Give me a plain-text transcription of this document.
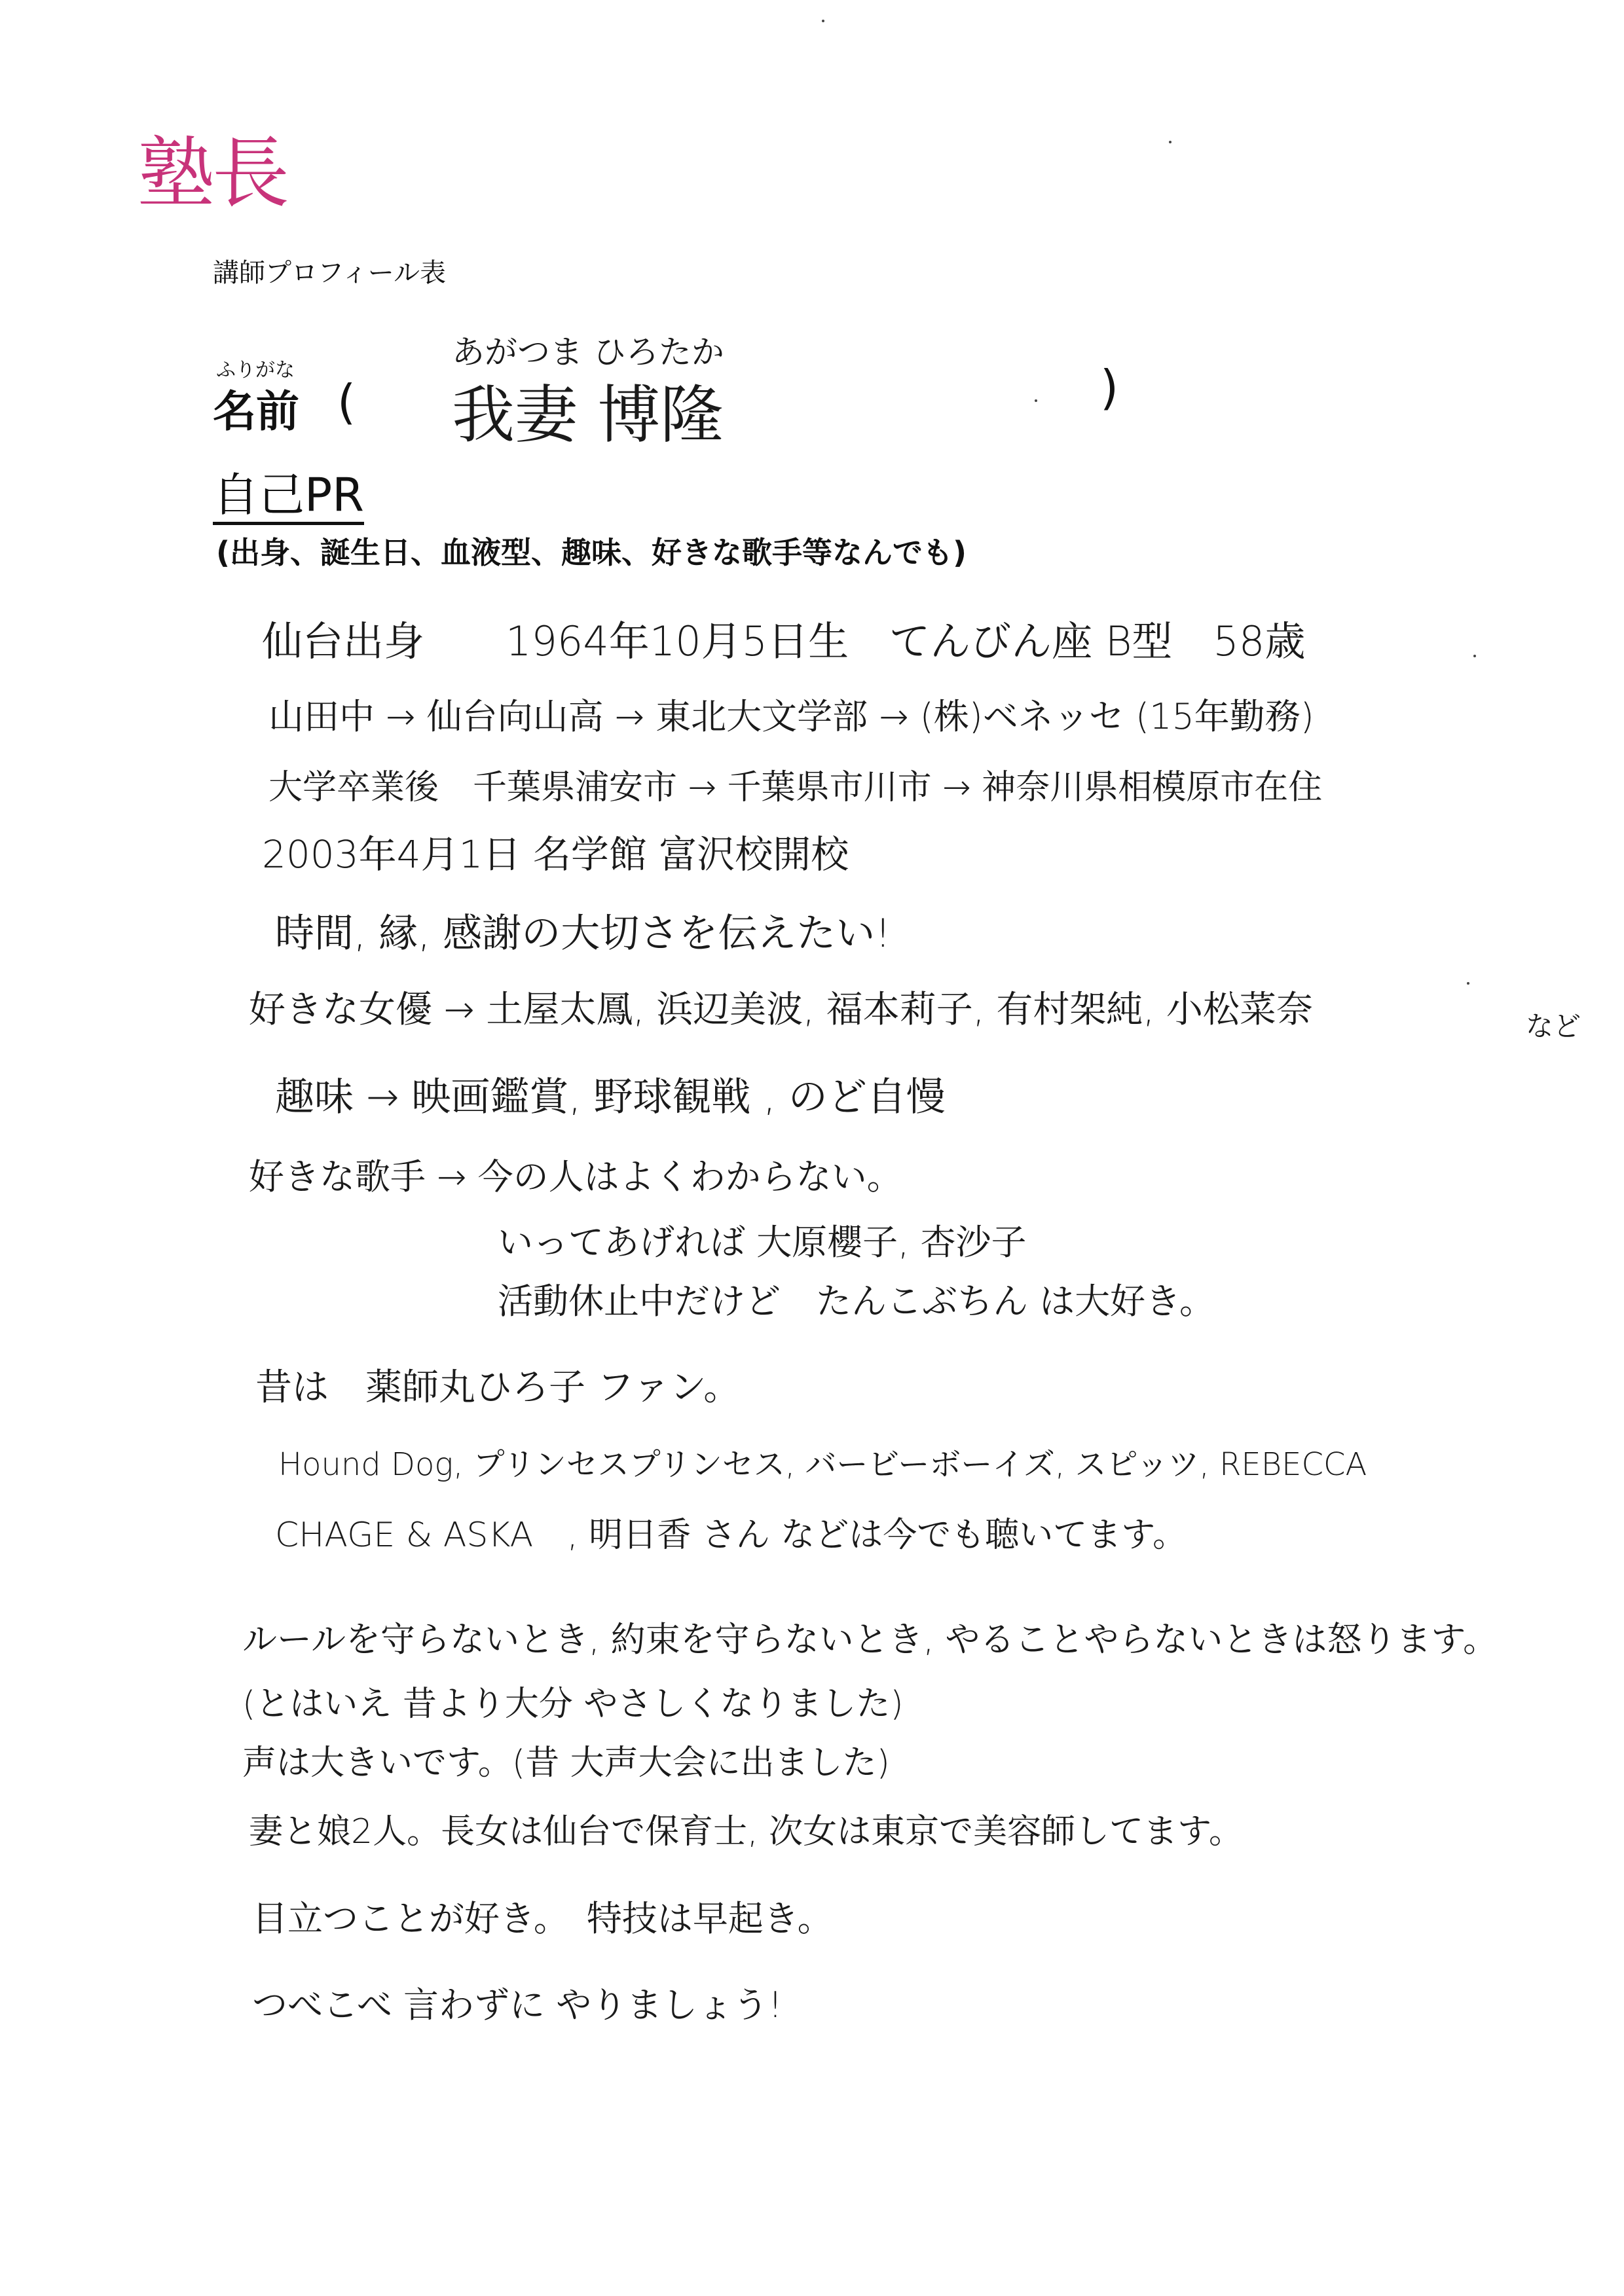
塾長
講師プロフィール表
ふりがな
名前 (
あがつま ひろたか
我妻 博隆	)
自己PR
(出身、誕生日、血液型、趣味、好きな歌手等なんでも)
仙台出身　　1964年10月5日生　てんびん座 B型　58歳
山田中 → 仙台向山高 → 東北大文学部 → (株)ベネッセ (15年勤務)
大学卒業後　千葉県浦安市 → 千葉県市川市 → 神奈川県相模原市在住
2003年4月1日 名学館 富沢校開校
時間, 縁, 感謝の大切さを伝えたい!
好きな女優 → 土屋太鳳, 浜辺美波, 福本莉子, 有村架純, 小松菜奈	など
趣味 → 映画鑑賞, 野球観戦 , のど自慢
好きな歌手 → 今の人はよくわからない。
いってあげれば 大原櫻子, 杏沙子
活動休止中だけど　たんこぶちん は大好き。
昔は　薬師丸ひろ子 ファン。
Hound Dog, プリンセスプリンセス, バービーボーイズ, スピッツ, REBECCA
CHAGE & ASKA　, 明日香 さん などは今でも聴いてます。
ルールを守らないとき, 約束を守らないとき, やることやらないときは怒ります。
(とはいえ 昔より大分 やさしくなりました)
声は大きいです。(昔 大声大会に出ました)
妻と娘2人。長女は仙台で保育士, 次女は東京で美容師してます。
目立つことが好き。　特技は早起き。
つべこべ 言わずに やりましょう!
